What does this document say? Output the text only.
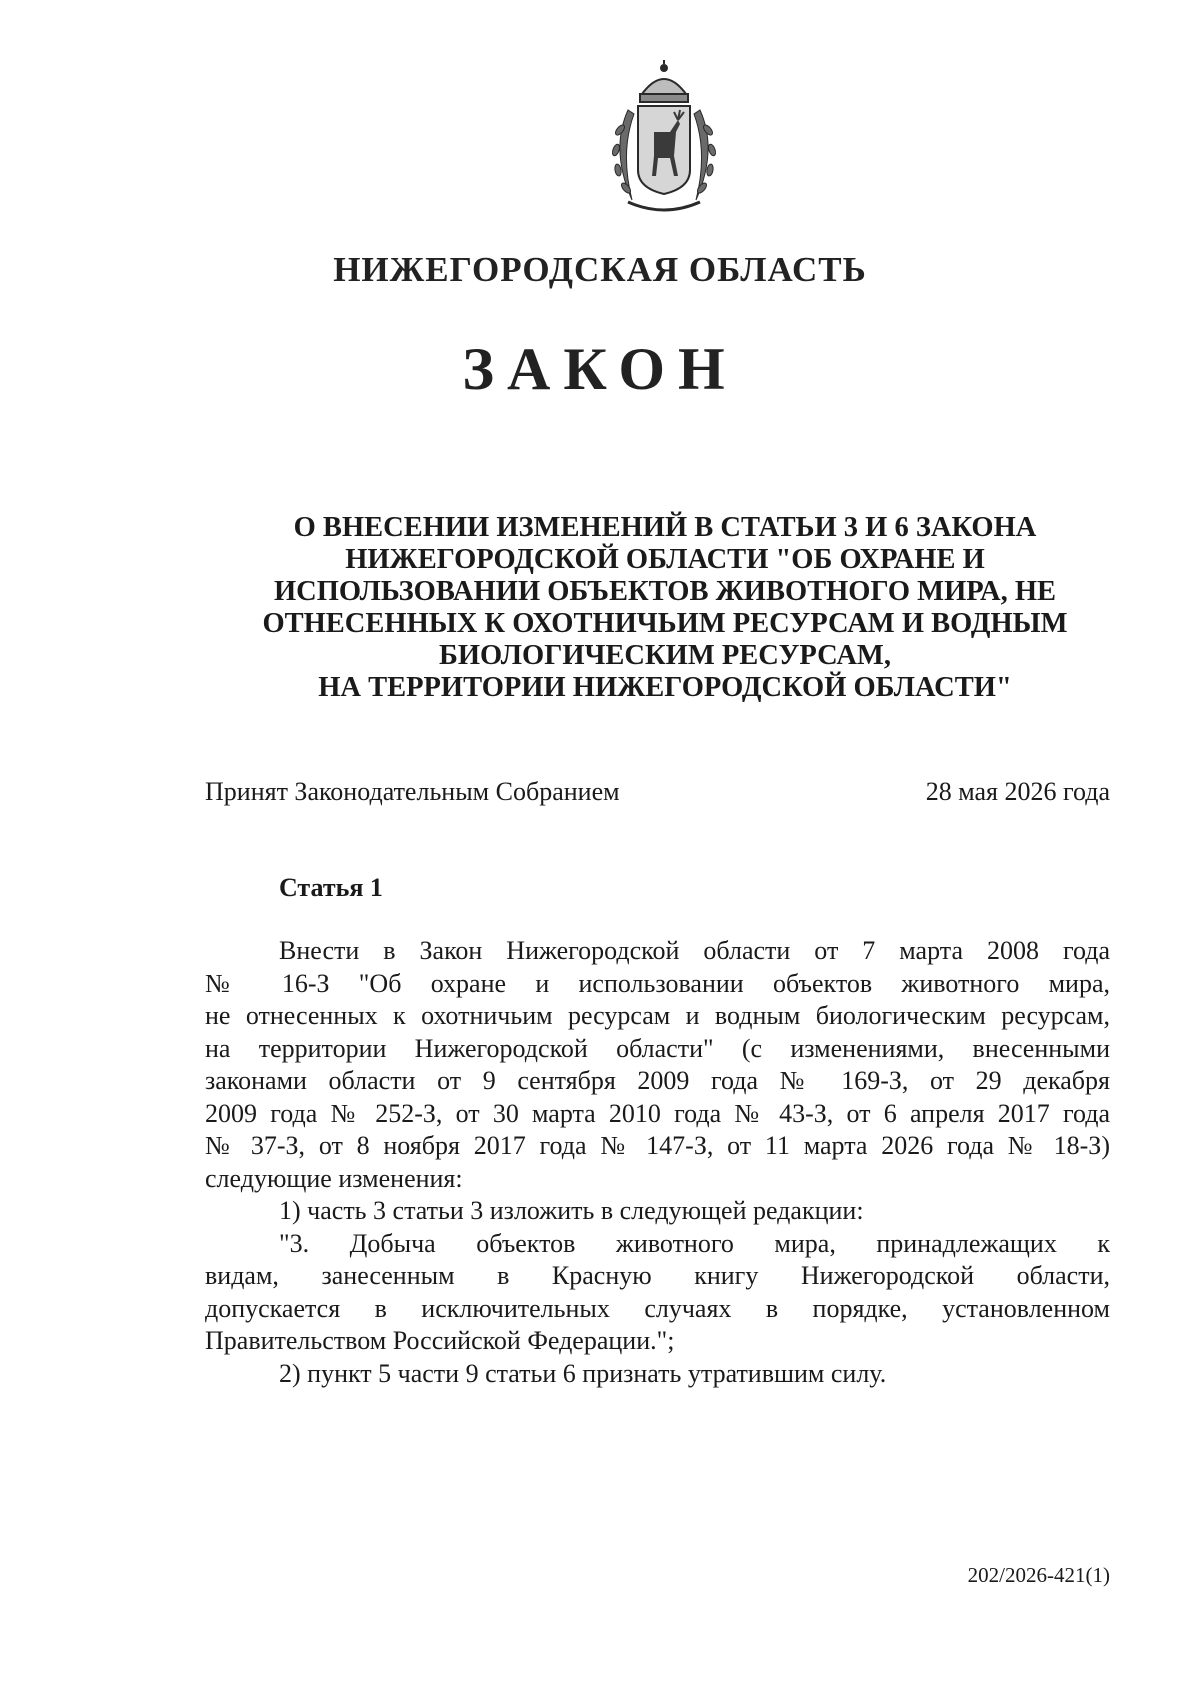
НИЖЕГОРОДСКАЯ ОБЛАСТЬ
ЗАКОН
О ВНЕСЕНИИ ИЗМЕНЕНИЙ В СТАТЬИ 3 И 6 ЗАКОНА
НИЖЕГОРОДСКОЙ ОБЛАСТИ "ОБ ОХРАНЕ И
ИСПОЛЬЗОВАНИИ ОБЪЕКТОВ ЖИВОТНОГО МИРА, НЕ
ОТНЕСЕННЫХ К ОХОТНИЧЬИМ РЕСУРСАМ И ВОДНЫМ
БИОЛОГИЧЕСКИМ РЕСУРСАМ,
НА ТЕРРИТОРИИ НИЖЕГОРОДСКОЙ ОБЛАСТИ"
Принят Законодательным Собранием	28 мая 2026 года
Статья 1

Внести в Закон Нижегородской области от 7 марта 2008 года

№ 16-З "Об охране и использовании объектов животного мира,

не отнесенных к охотничьим ресурсам и водным биологическим ресурсам,

на территории Нижегородской области" (с изменениями, внесенными

законами области от 9 сентября 2009 года № 169-З, от 29 декабря

2009 года № 252-З, от 30 марта 2010 года № 43-З, от 6 апреля 2017 года

№ 37-З, от 8 ноября 2017 года № 147-З, от 11 марта 2026 года № 18-З)

следующие изменения:

1) часть 3 статьи 3 изложить в следующей редакции:

"3. Добыча объектов животного мира, принадлежащих к

видам, занесенным в Красную книгу Нижегородской области,

допускается в исключительных случаях в порядке, установленном

Правительством Российской Федерации.";

2) пункт 5 части 9 статьи 6 признать утратившим силу.

202/2026-421(1)
